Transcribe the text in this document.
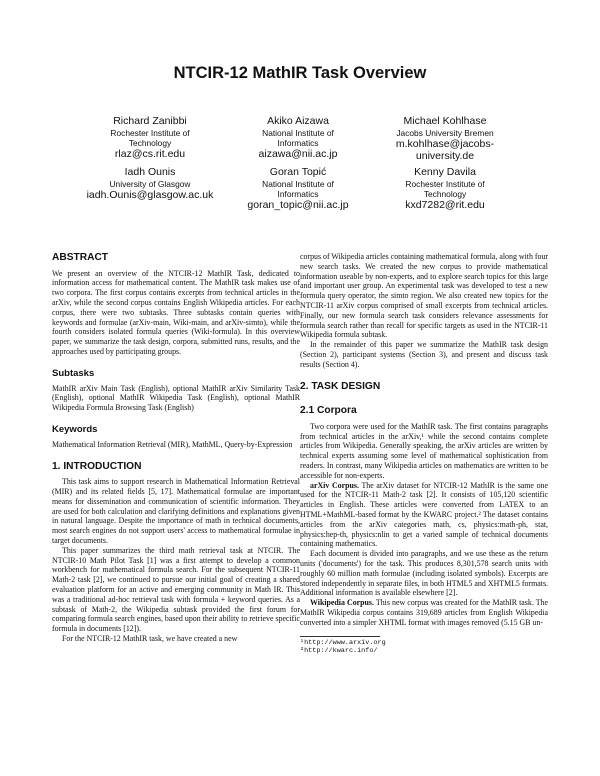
NTCIR-12 MathIR Task Overview
Richard Zanibbi
Rochester Institute of Technology
rlaz@cs.rit.edu
Akiko Aizawa
National Institute of Informatics
aizawa@nii.ac.jp
Michael Kohlhase
Jacobs University Bremen
m.kohlhase@jacobs-university.de
Iadh Ounis
University of Glasgow
iadh.Ounis@glasgow.ac.uk
Goran Topić
National Institute of Informatics
goran_topic@nii.ac.jp
Kenny Davila
Rochester Institute of Technology
kxd7282@rit.edu
ABSTRACT

We present an overview of the NTCIR-12 MathIR Task, dedicated to information access for mathematical content. The MathIR task makes use of two corpora. The first corpus contains excerpts from technical articles in the arXiv, while the second corpus contains English Wikipedia articles. For each corpus, there were two subtasks. Three subtasks contain queries with keywords and formulae (arXiv-main, Wiki-main, and arXiv-simto), while the fourth considers isolated formula queries (Wiki-formula). In this overview paper, we summarize the task design, corpora, submitted runs, results, and the approaches used by participating groups.

Subtasks

MathIR arXiv Main Task (English), optional MathIR arXiv Similarity Task (English), optional MathIR Wikipedia Task (English), optional MathIR Wikipedia Formula Browsing Task (English)

Keywords

Mathematical Information Retrieval (MIR), MathML, Query-by-Expression

1. INTRODUCTION

This task aims to support research in Mathematical Information Retrieval (MIR) and its related fields [5, 17]. Mathematical formulae are important means for dissemination and communication of scientific information. They are used for both calculation and clarifying definitions and explanations given in natural language. Despite the importance of math in technical documents, most search engines do not support users' access to mathematical formulae in target documents.

This paper summarizes the third math retrieval task at NTCIR. The NTCIR-10 Math Pilot Task [1] was a first attempt to develop a common workbench for mathematical formula search. For the subsequent NTCIR-11 Math-2 task [2], we continued to pursue our initial goal of creating a shared evaluation platform for an active and emerging community in Math IR. This was a traditional ad-hoc retrieval task with formula + keyword queries. As a subtask of Math-2, the Wikipedia subtask provided the first forum for comparing formula search engines, based upon their ability to retrieve specific formula in documents [12]).

For the NTCIR-12 MathIR task, we have created a new

corpus of Wikipedia articles containing mathematical formula, along with four new search tasks. We created the new corpus to provide mathematical information useable by non-experts, and to explore search topics for this large and important user group. An experimental task was developed to test a new formula query operator, the simto region. We also created new topics for the NTCIR-11 arXiv corpus comprised of small excerpts from technical articles. Finally, our new formula search task considers relevance assessments for formula search rather than recall for specific targets as used in the NTCIR-11 Wikipedia formula subtask.

In the remainder of this paper we summarize the MathIR task design (Section 2), participant systems (Section 3), and present and discuss task results (Section 4).

2. TASK DESIGN
2.1 Corpora

Two corpora were used for the MathIR task. The first contains paragraphs from technical articles in the arXiv,¹ while the second contains complete articles from Wikipedia. Generally speaking, the arXiv articles are written by technical experts assuming some level of mathematical sophistication from readers. In contrast, many Wikipedia articles on mathematics are written to be accessible for non-experts.

arXiv Corpus. The arXiv dataset for NTCIR-12 MathIR is the same one used for the NTCIR-11 Math-2 task [2]. It consists of 105,120 scientific articles in English. These articles were converted from LATEX to an HTML+MathML-based format by the KWARC project.² The dataset contains articles from the arXiv categories math, cs, physics:math-ph, stat, physics:hep-th, physics:nlin to get a varied sample of technical documents containing mathematics.

Each document is divided into paragraphs, and we use these as the return units ('documents') for the task. This produces 8,301,578 search units with roughly 60 million math formulae (including isolated symbols). Excerpts are stored independently in separate files, in both HTML5 and XHTML5 formats. Additional information is available elsewhere [2].

Wikipedia Corpus. This new corpus was created for the MathIR task. The MathIR Wikipedia corpus contains 319,689 articles from English Wikipedia converted into a simpler XHTML format with images removed (5.15 GB un-

¹http://www.arxiv.org
²http://kwarc.info/
